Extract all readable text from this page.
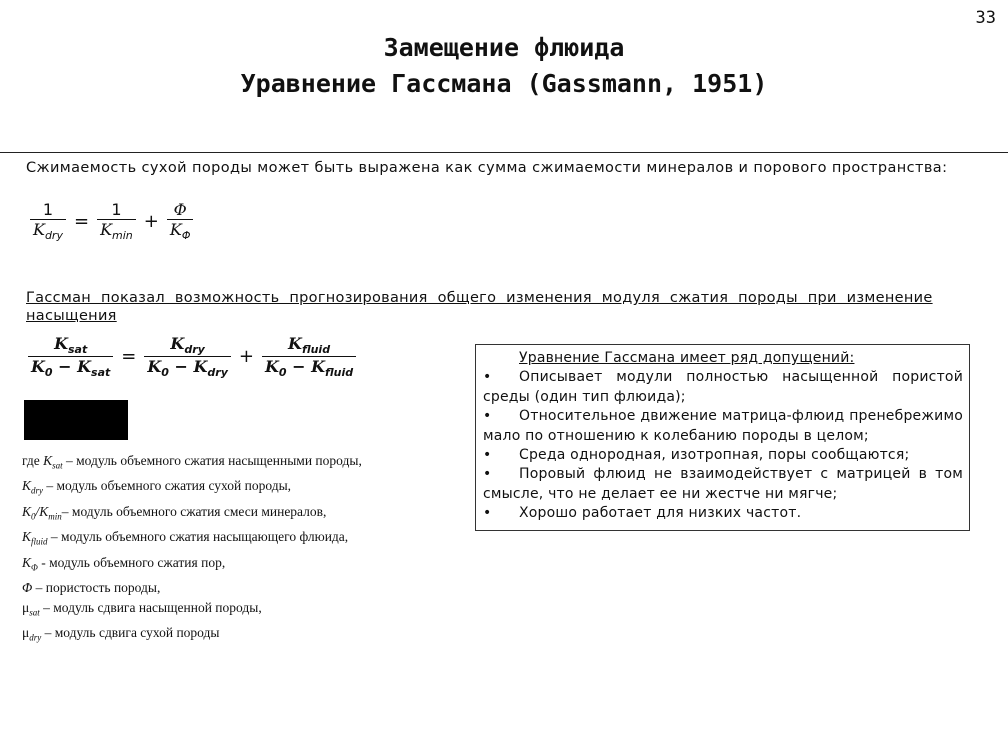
33
Замещение флюида
Уравнение Гассмана (Gassmann, 1951)
Сжимаемость сухой породы может быть выражена как сумма сжимаемости минералов и порового пространства:
$\frac{1}{K_{dry}} = \frac{1}{K_{min}} + \frac{\Phi}{K_\Phi}$
Гассман показал возможность прогнозирования общего изменения модуля сжатия породы при изменение насыщения
$\frac{K_{sat}}{K_0 - K_{sat}} = \frac{K_{dry}}{K_0 - K_{dry}} + \frac{K_{fluid}}{K_0 - K_{fluid}}$
где $K_{sat}$ – модуль объемного сжатия насыщенными породы,
$K_{dry}$ – модуль объемного сжатия сухой породы,
$K_0/K_{min}-$ модуль объемного сжатия смеси минералов,
$K_{fluid}$ – модуль объемного сжатия насыщающего флюида,
$K_\Phi$ - модуль объемного сжатия пор,
Φ – пористость породы,
$\mu_{sat}$ – модуль сдвига насыщенной породы,
$\mu_{dry}$ – модуль сдвига сухой породы
Уравнение Гассмана имеет ряд допущений:
• Описывает модули полностью насыщенной пористой среды (один тип флюида);
• Относительное движение матрица-флюид пренебрежимо мало по отношению к колебанию породы в целом;
• Среда однородная, изотропная, поры сообщаются;
• Поровый флюид не взаимодействует с матрицей в том смысле, что не делает ее ни жестче ни мягче;
• Хорошо работает для низких частот.
